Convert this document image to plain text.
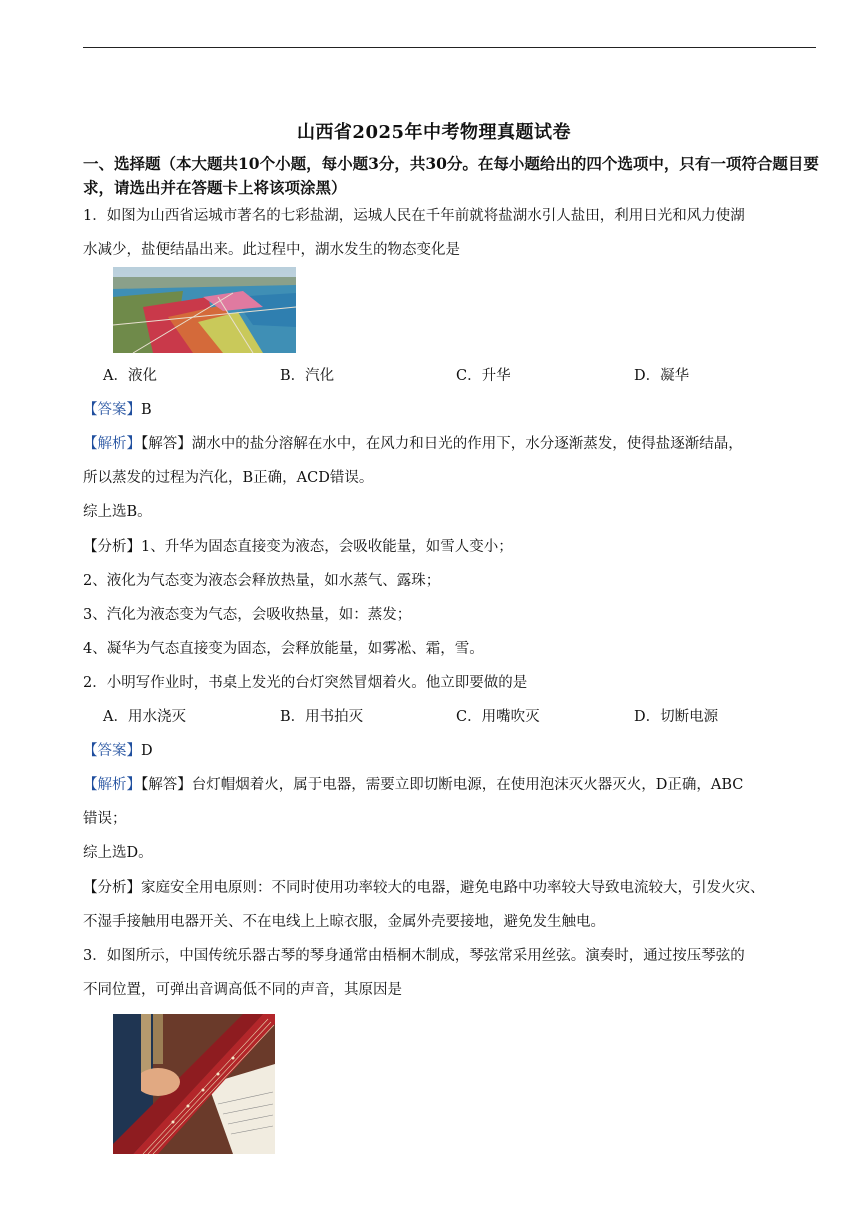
山西省2025年中考物理真题试卷
一、选择题（本大题共10个小题，每小题3分，共30分。在每小题给出的四个选项中，只有一项符合题目要求，请选出并在答题卡上将该项涂黑）
1．如图为山西省运城市著名的七彩盐湖，运城人民在千年前就将盐湖水引人盐田，利用日光和风力使湖
水减少，盐便结晶出来。此过程中，湖水发生的物态变化是
A．液化	B．汽化	C．升华	D．凝华
【答案】B
【解析】【解答】湖水中的盐分溶解在水中，在风力和日光的作用下，水分逐渐蒸发，使得盐逐渐结晶，
所以蒸发的过程为汽化，B正确，ACD错误。
综上选B。
【分析】1、升华为固态直接变为液态，会吸收能量，如雪人变小；
2、液化为气态变为液态会释放热量，如水蒸气、露珠；
3、汽化为液态变为气态，会吸收热量，如：蒸发；
4、凝华为气态直接变为固态，会释放能量，如雾凇、霜，雪。
2．小明写作业时，书桌上发光的台灯突然冒烟着火。他立即要做的是
A．用水浇灭	B．用书拍灭	C．用嘴吹灭	D．切断电源
【答案】D
【解析】【解答】台灯帽烟着火，属于电器，需要立即切断电源，在使用泡沫灭火器灭火，D正确，ABC
错误；
综上选D。
【分析】家庭安全用电原则：不同时使用功率较大的电器，避免电路中功率较大导致电流较大，引发火灾、
不湿手接触用电器开关、不在电线上上晾衣服，金属外壳要接地，避免发生触电。
3．如图所示，中国传统乐器古琴的琴身通常由梧桐木制成，琴弦常采用丝弦。演奏时，通过按压琴弦的
不同位置，可弹出音调高低不同的声音，其原因是
